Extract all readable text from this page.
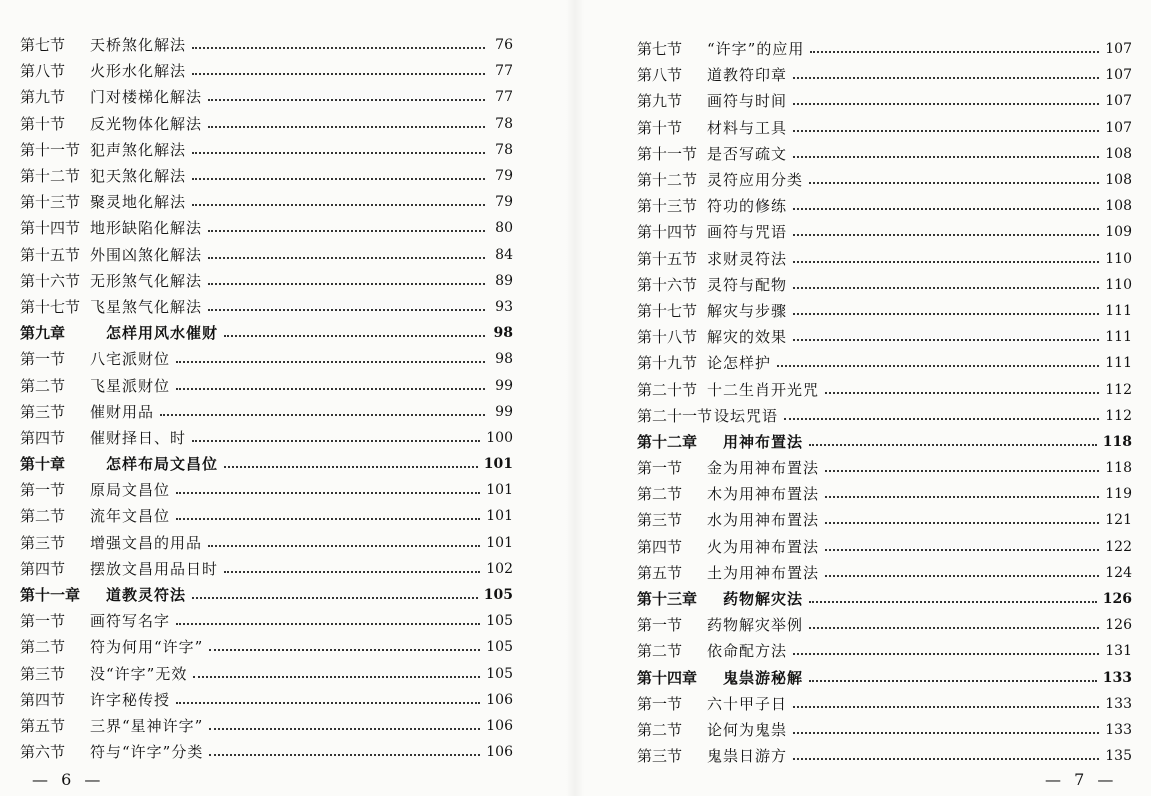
第七节	天桥煞化解法	76
第八节	火形水化解法	77
第九节	门对楼梯化解法	77
第十节	反光物体化解法	78
第十一节 犯声煞化解法	78
第十二节 犯天煞化解法	79
第十三节 聚灵地化解法	79
第十四节 地形缺陷化解法	80
第十五节 外围凶煞化解法	84
第十六节 无形煞气化解法	89
第十七节 飞星煞气化解法	93
第九章	怎样用风水催财	98
第一节	八宅派财位	98
第二节	飞星派财位	99
第三节	催财用品	99
第四节	催财择日、时	100
第十章	怎样布局文昌位	101
第一节	原局文昌位	101
第二节	流年文昌位	101
第三节	增强文昌的用品	101
第四节	摆放文昌用品日时	102
第十一章	道教灵符法	105
第一节	画符写名字	105
第二节	符为何用“许字”	105
第三节	没“许字”无效	105
第四节	许字秘传授	106
第五节	三界“星神许字”	106
第六节	符与“许字”分类	106
— 6 —
第七节	“许字”的应用	107
第八节	道教符印章	107
第九节	画符与时间	107
第十节	材料与工具	107
第十一节 是否写疏文	108
第十二节 灵符应用分类	108
第十三节 符功的修练	108
第十四节 画符与咒语	109
第十五节 求财灵符法	110
第十六节 灵符与配物	110
第十七节 解灾与步骤	111
第十八节 解灾的效果	111
第十九节 论怎样护	111
第二十节 十二生肖开光咒	112
第二十一节 设坛咒语	112
第十二章	用神布置法	118
第一节	金为用神布置法	118
第二节	木为用神布置法	119
第三节	水为用神布置法	121
第四节	火为用神布置法	122
第五节	土为用神布置法	124
第十三章	药物解灾法	126
第一节	药物解灾举例	126
第二节	依命配方法	131
第十四章	鬼祟游秘解	133
第一节	六十甲子日	133
第二节	论何为鬼祟	133
第三节	鬼祟日游方	135
— 7 —
